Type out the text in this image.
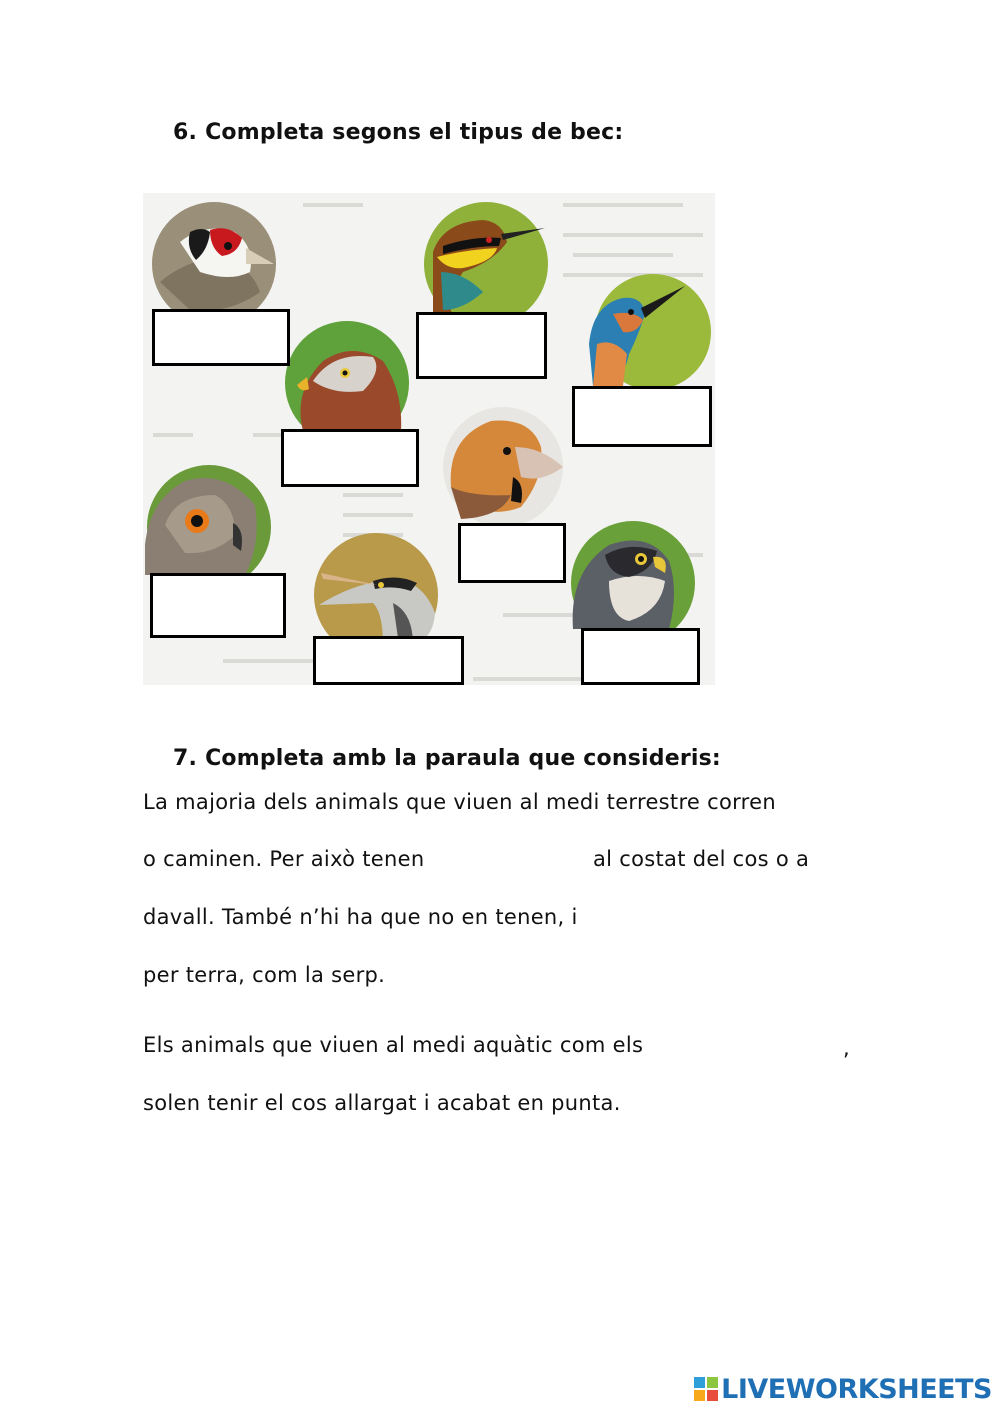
6. Completa segons el tipus de bec:

7. Completa amb la paraula que consideris:

La majoria dels animals que viuen al medi terrestre corren

o caminen. Per això tenen	al costat del cos o a

davall. També n’hi ha que no en tenen, i

per terra, com la serp.

Els animals que viuen al medi aquàtic com els	,

solen tenir el cos allargat i acabat en punta.

LIVEWORKSHEETS
